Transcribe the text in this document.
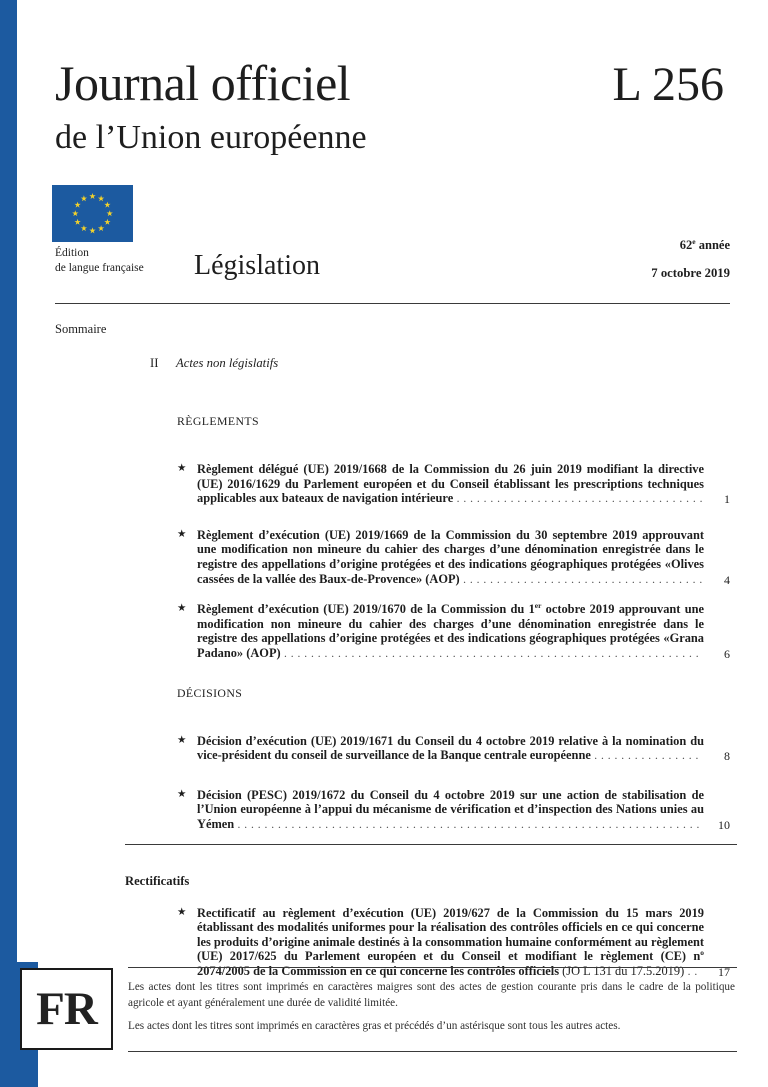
Journal officiel	L 256
de l’Union européenne
Édition
de langue française Législation
62e année
7 octobre 2019
Sommaire
II Actes non législatifs
RÈGLEMENTS
★ Règlement délégué (UE) 2019/1668 de la Commission du 26 juin 2019 modifiant la directive (UE) 2016/1629 du Parlement européen et du Conseil établissant les prescriptions techniques applicables aux bateaux de navigation intérieure . . . . . . . . . . . . . . . . . . . . . . . . . . . . . . . . . . . . .	1
★ Règlement d’exécution (UE) 2019/1669 de la Commission du 30 septembre 2019 approuvant une modification non mineure du cahier des charges d’une dénomination enregistrée dans le registre des appellations d’origine protégées et des indications géographiques protégées «Olives cassées de la vallée des Baux-de-Provence» (AOP) . . . . . . . . . . . . . . . . . . . . . . . . . . . . . . . . . . . .	4
★ Règlement d’exécution (UE) 2019/1670 de la Commission du 1er octobre 2019 approuvant une modification non mineure du cahier des charges d’une dénomination enregistrée dans le registre des appellations d’origine protégées et des indications géographiques protégées «Grana Padano» (AOP) . . . . . . . . . . . . . . . . . . . . . . . . . . . . . . . . . . . . . . . . . . . . . . . . . . . . . . . . . . . . . .	6
DÉCISIONS
★ Décision d’exécution (UE) 2019/1671 du Conseil du 4 octobre 2019 relative à la nomination du vice-président du conseil de surveillance de la Banque centrale européenne . . . . . . . . . . . . . . . .	8
★ Décision (PESC) 2019/1672 du Conseil du 4 octobre 2019 sur une action de stabilisation de l’Union européenne à l’appui du mécanisme de vérification et d’inspection des Nations unies au Yémen . . . . . . . . . . . . . . . . . . . . . . . . . . . . . . . . . . . . . . . . . . . . . . . . . . . . . . . . . . . . . . . . . . . . .	10
Rectificatifs
★ Rectificatif au règlement d’exécution (UE) 2019/627 de la Commission du 15 mars 2019 établissant des modalités uniformes pour la réalisation des contrôles officiels en ce qui concerne les produits d’origine animale destinés à la consommation humaine conformément au règlement (UE) 2017/625 du Parlement européen et du Conseil et modifiant le règlement (CE) $n^o$ 2074/2005 de la Commission en ce qui concerne les contrôles officiels (JO L 131 du 17.5.2019) . .	17
FR	Les actes dont les titres sont imprimés en caractères maigres sont des actes de gestion courante pris dans le cadre de la politique agricole et ayant généralement une durée de validité limitée.

Les actes dont les titres sont imprimés en caractères gras et précédés d’un astérisque sont tous les autres actes.
